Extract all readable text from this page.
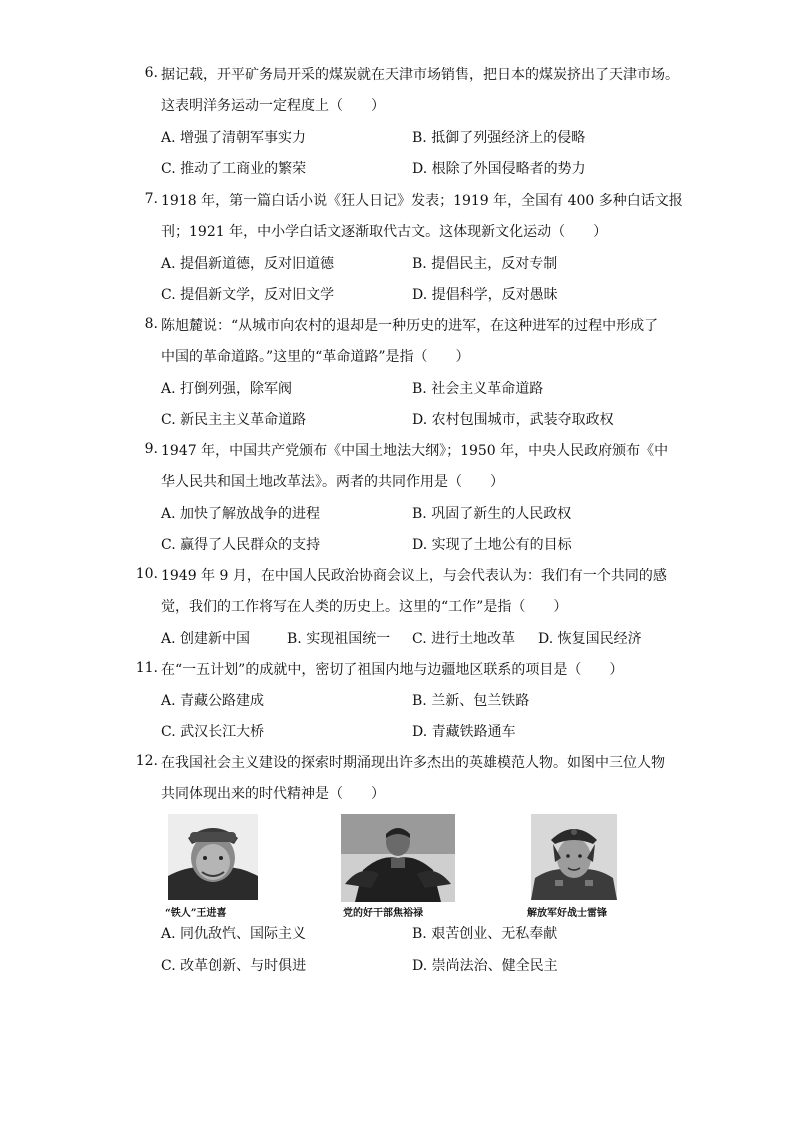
6. 据记载，开平矿务局开采的煤炭就在天津市场销售，把日本的煤炭挤出了天津市场。
这表明洋务运动一定程度上（　　）
A. 增强了清朝军事实力	B. 抵御了列强经济上的侵略
C. 推动了工商业的繁荣	D. 根除了外国侵略者的势力
7. 1918 年，第一篇白话小说《狂人日记》发表；1919 年，全国有 400 多种白话文报
刊；1921 年，中小学白话文逐渐取代古文。这体现新文化运动（　　）
A. 提倡新道德，反对旧道德	B. 提倡民主，反对专制
C. 提倡新文学，反对旧文学	D. 提倡科学，反对愚昧
8. 陈旭麓说：“从城市向农村的退却是一种历史的进军，在这种进军的过程中形成了
中国的革命道路。”这里的“革命道路”是指（　　）
A. 打倒列强，除军阀	B. 社会主义革命道路
C. 新民主主义革命道路	D. 农村包围城市，武装夺取政权
9. 1947 年，中国共产党颁布《中国土地法大纲》；1950 年，中央人民政府颁布《中
华人民共和国土地改革法》。两者的共同作用是（　　）
A. 加快了解放战争的进程	B. 巩固了新生的人民政权
C. 赢得了人民群众的支持	D. 实现了土地公有的目标
10. 1949 年 9 月，在中国人民政治协商会议上，与会代表认为：我们有一个共同的感
觉，我们的工作将写在人类的历史上。这里的“工作”是指（　　）
A. 创建新中国	B. 实现祖国统一 C. 进行土地改革 D. 恢复国民经济
11. 在“一五计划”的成就中，密切了祖国内地与边疆地区联系的项目是（　　）
A. 青藏公路建成	B. 兰新、包兰铁路
C. 武汉长江大桥	D. 青藏铁路通车
12. 在我国社会主义建设的探索时期涌现出许多杰出的英雄模范人物。如图中三位人物
共同体现出来的时代精神是（　　）
A. 同仇敌忾、国际主义	B. 艰苦创业、无私奉献
C. 改革创新、与时俱进	D. 崇尚法治、健全民主
“铁人”王进喜	党的好干部焦裕禄	解放军好战士雷锋
